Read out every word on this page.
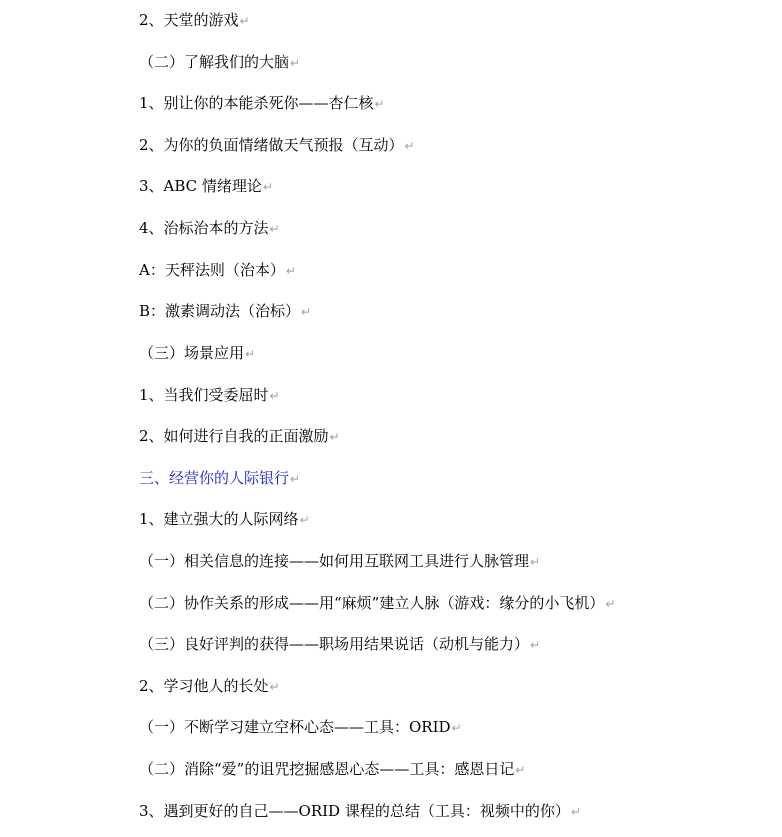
2、天堂的游戏↵
（二）了解我们的大脑↵
1、别让你的本能杀死你——杏仁核↵
2、为你的负面情绪做天气预报（互动）↵
3、ABC 情绪理论↵
4、治标治本的方法↵
A：天秤法则（治本）↵
B：激素调动法（治标）↵
（三）场景应用↵
1、当我们受委屈时↵
2、如何进行自我的正面激励↵
三、经营你的人际银行↵
1、建立强大的人际网络↵
（一）相关信息的连接——如何用互联网工具进行人脉管理↵
（二）协作关系的形成——用“麻烦”建立人脉（游戏：缘分的小飞机）↵
（三）良好评判的获得——职场用结果说话（动机与能力）↵
2、学习他人的长处↵
（一）不断学习建立空杯心态——工具：ORID↵
（二）消除“爱”的诅咒挖掘感恩心态——工具：感恩日记↵
3、遇到更好的自己——ORID 课程的总结（工具：视频中的你）↵
